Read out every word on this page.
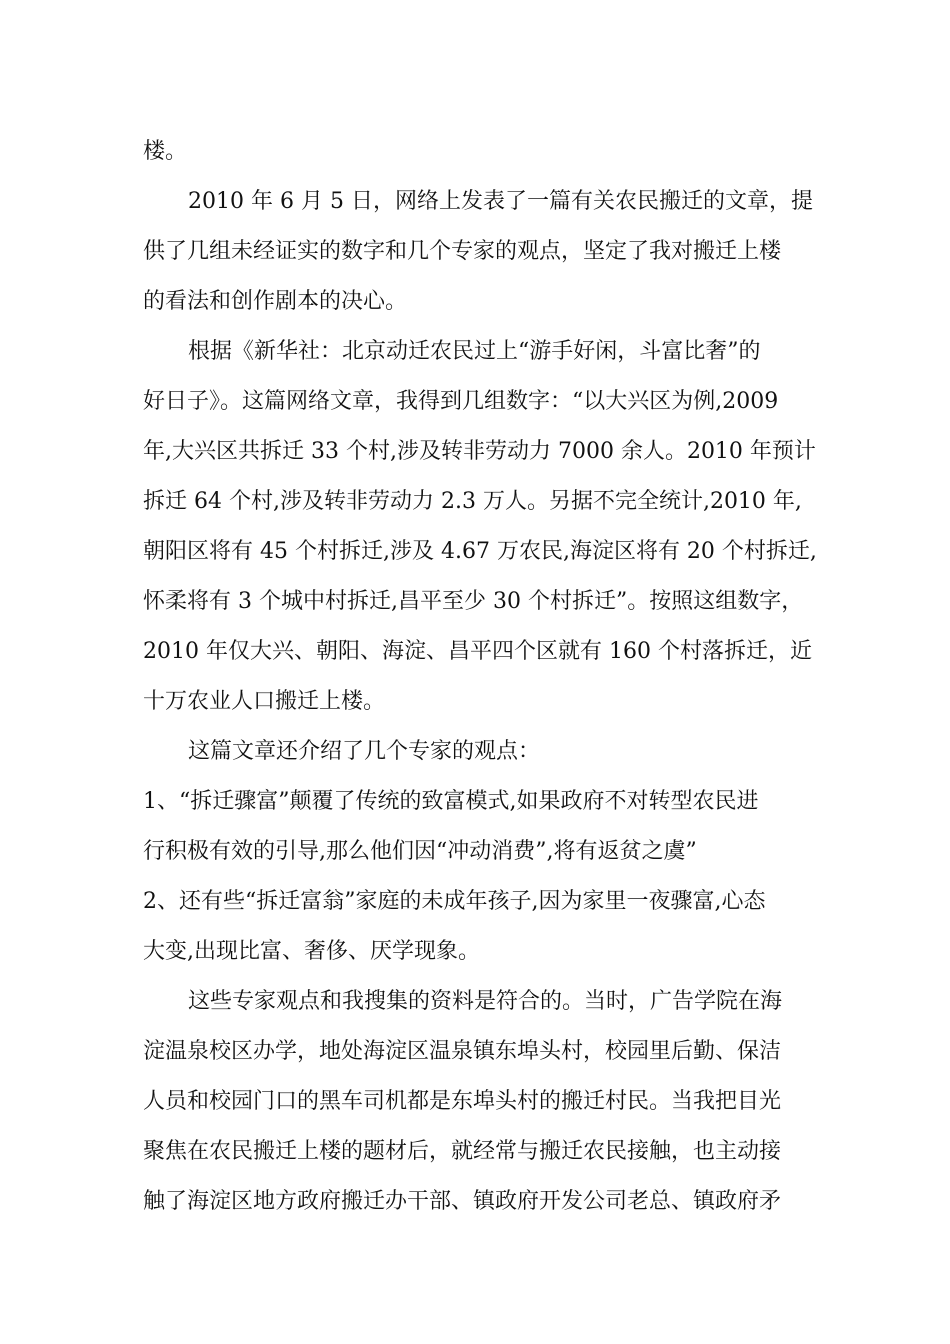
楼。
2010 年 6 月 5 日，网络上发表了一篇有关农民搬迁的文章，提
供了几组未经证实的数字和几个专家的观点，坚定了我对搬迁上楼
的看法和创作剧本的决心。
根据《新华社：北京动迁农民过上“游手好闲，斗富比奢”的
好日子》。这篇网络文章，我得到几组数字：“以大兴区为例,2009
年,大兴区共拆迁 33 个村,涉及转非劳动力 7000 余人。2010 年预计
拆迁 64 个村,涉及转非劳动力 2.3 万人。另据不完全统计,2010 年,
朝阳区将有 45 个村拆迁,涉及 4.67 万农民,海淀区将有 20 个村拆迁,
怀柔将有 3 个城中村拆迁,昌平至少 30 个村拆迁”。按照这组数字，
2010 年仅大兴、朝阳、海淀、昌平四个区就有 160 个村落拆迁，近
十万农业人口搬迁上楼。
这篇文章还介绍了几个专家的观点：
1、“拆迁骤富”颠覆了传统的致富模式,如果政府不对转型农民进
行积极有效的引导,那么他们因“冲动消费”,将有返贫之虞”
2、还有些“拆迁富翁”家庭的未成年孩子,因为家里一夜骤富,心态
大变,出现比富、奢侈、厌学现象。
这些专家观点和我搜集的资料是符合的。当时，广告学院在海
淀温泉校区办学，地处海淀区温泉镇东埠头村，校园里后勤、保洁
人员和校园门口的黑车司机都是东埠头村的搬迁村民。当我把目光
聚焦在农民搬迁上楼的题材后，就经常与搬迁农民接触，也主动接
触了海淀区地方政府搬迁办干部、镇政府开发公司老总、镇政府矛
